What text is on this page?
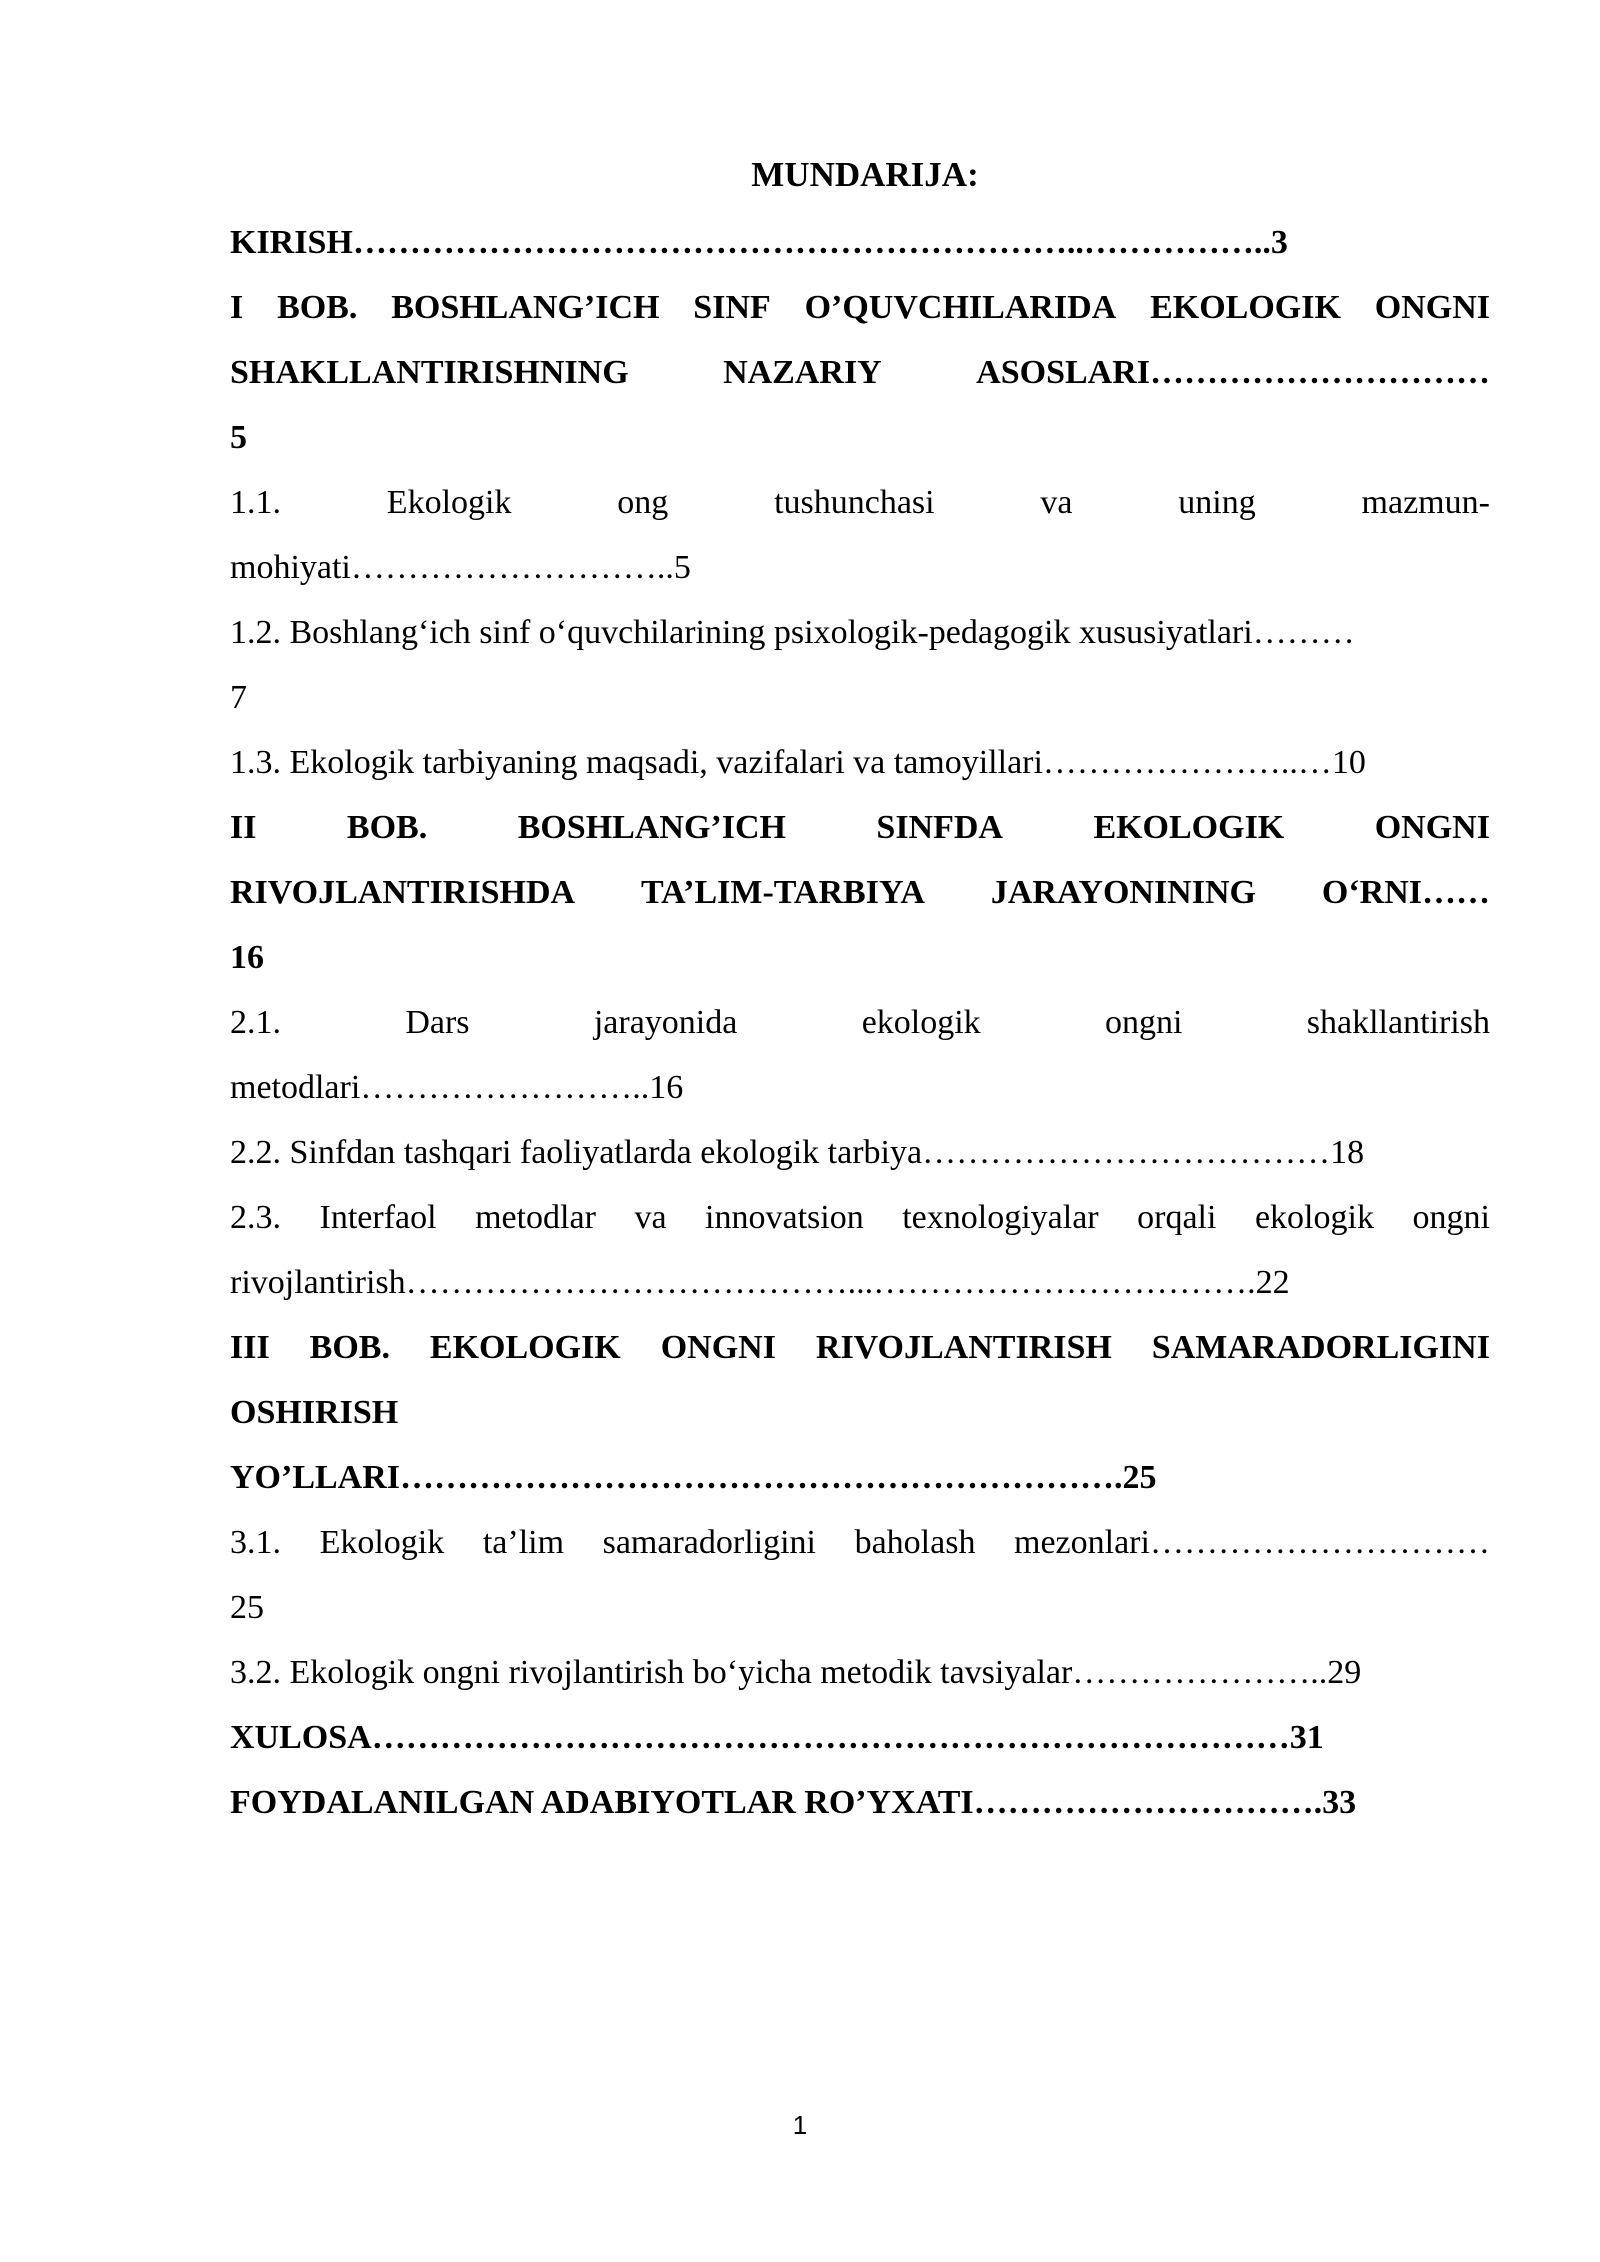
MUNDARIJA:
KIRISH………………………………………………………..……………..3
I BOB. BOSHLANG’ICH SINF O’QUVCHILARIDA EKOLOGIK ONGNI
SHAKLLANTIRISHNING	NAZARIY	ASOSLARI…………………………
5
1.1.	Ekologik	ong	tushunchasi	va	uning	mazmun-
mohiyati………………………..5
1.2. Boshlang‘ich sinf o‘quvchilarining psixologik-pedagogik xususiyatlari………
7
1.3. Ekologik tarbiyaning maqsadi, vazifalari va tamoyillari…………………..…10
II	BOB.	BOSHLANG’ICH	SINFDA	EKOLOGIK	ONGNI
RIVOJLANTIRISHDA TA’LIM-TARBIYA JARAYONINING O‘RNI……
16
2.1.	Dars	jarayonida	ekologik	ongni	shakllantirish
metodlari……………………..16
2.2. Sinfdan tashqari faoliyatlarda ekologik tarbiya………………………………18
2.3. Interfaol metodlar va innovatsion texnologiyalar orqali ekologik ongni
rivojlantirish…………………………………...…………………………….22
III BOB. EKOLOGIK ONGNI RIVOJLANTIRISH SAMARADORLIGINI
OSHIRISH
YO’LLARI……………………………………………………….25
3.1. Ekologik ta’lim samaradorligini baholash mezonlari…………………………
25
3.2. Ekologik ongni rivojlantirish bo‘yicha metodik tavsiyalar…………………..29
XULOSA………………………………………………………………………31
FOYDALANILGAN ADABIYOTLAR RO’YXATI………………………….33
1
